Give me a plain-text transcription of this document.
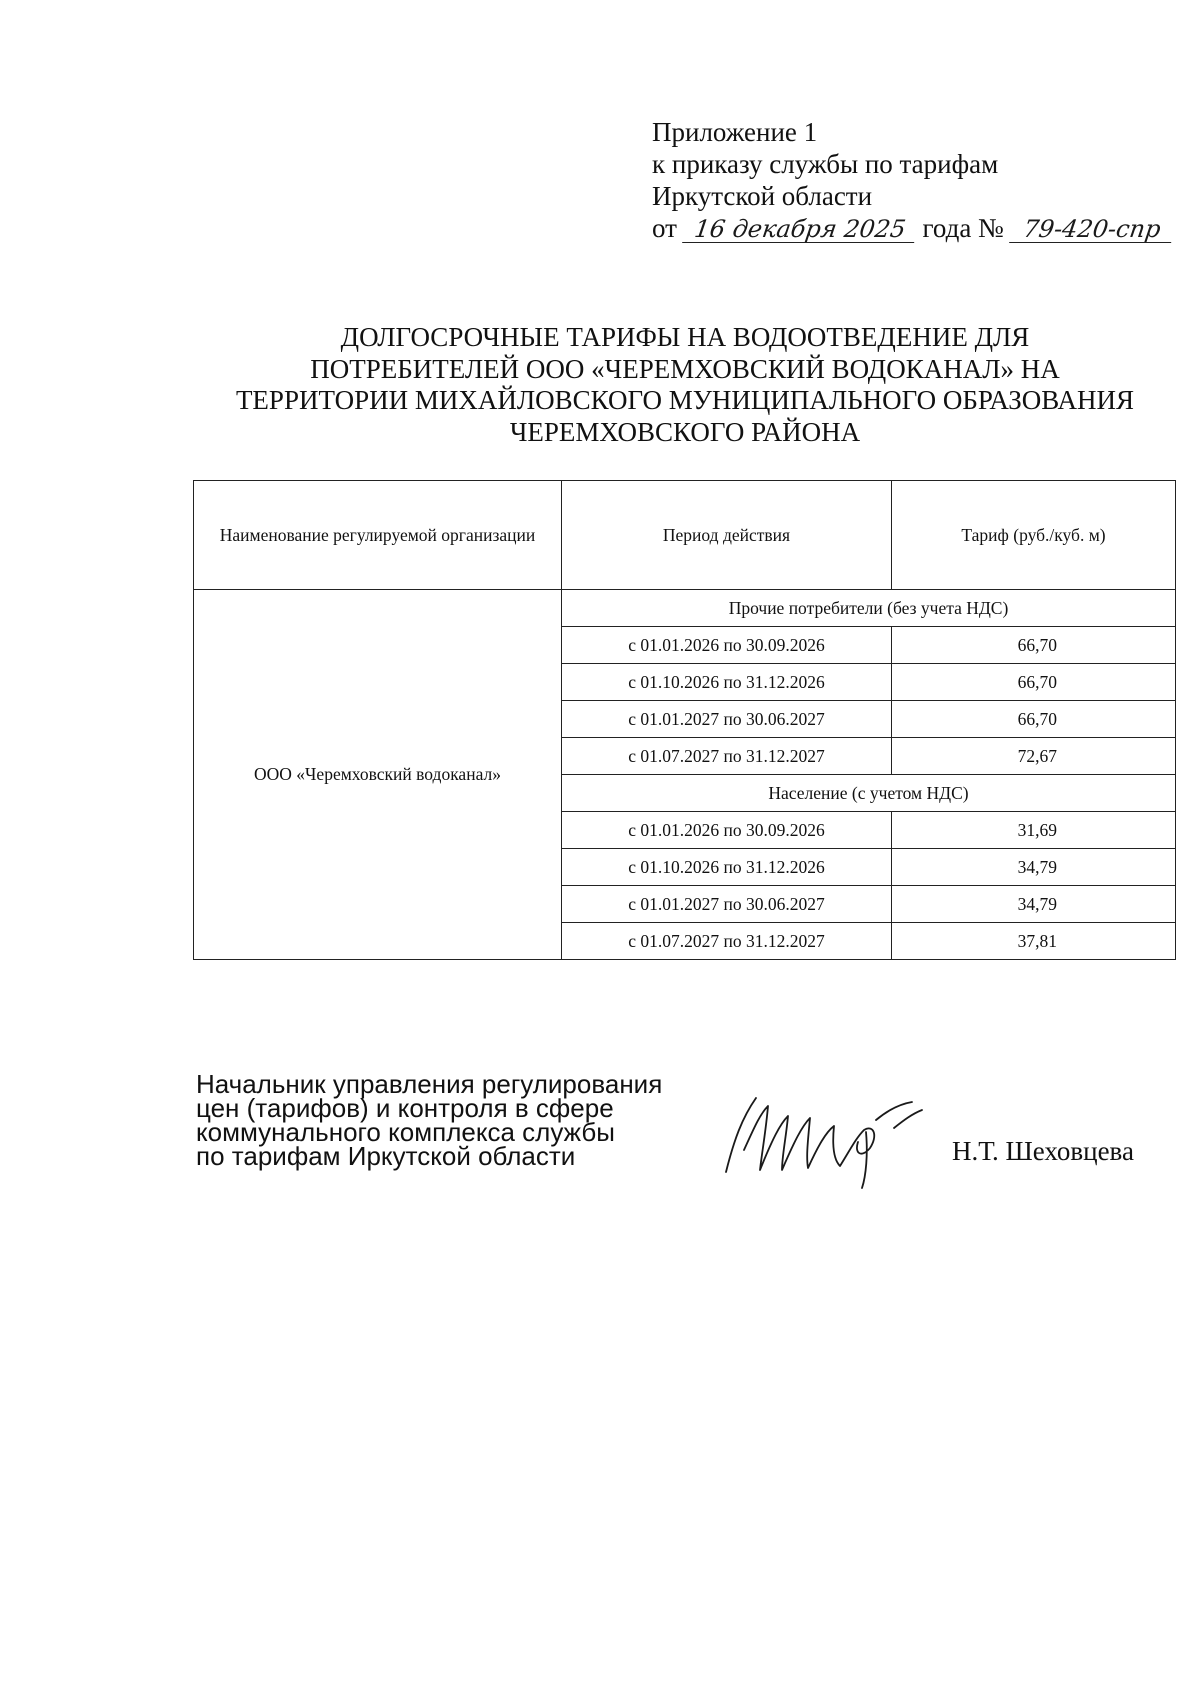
Приложение 1
к приказу службы по тарифам
Иркутской области
от 16 декабря 2025 года № 79-420-спр
ДОЛГОСРОЧНЫЕ ТАРИФЫ НА ВОДООТВЕДЕНИЕ ДЛЯ
ПОТРЕБИТЕЛЕЙ ООО «ЧЕРЕМХОВСКИЙ ВОДОКАНАЛ» НА
ТЕРРИТОРИИ МИХАЙЛОВСКОГО МУНИЦИПАЛЬНОГО ОБРАЗОВАНИЯ
ЧЕРЕМХОВСКОГО РАЙОНА
Наименование регулируемой организации	Период действия	Тариф (руб./куб. м)
ООО «Черемховский водоканал»	Прочие потребители (без учета НДС)	
	с 01.01.2026 по 30.09.2026	66,70
	с 01.10.2026 по 31.12.2026	66,70
	с 01.01.2027 по 30.06.2027	66,70
	с 01.07.2027 по 31.12.2027	72,67
	Население (с учетом НДС)	
	с 01.01.2026 по 30.09.2026	31,69
	с 01.10.2026 по 31.12.2026	34,79
	с 01.01.2027 по 30.06.2027	34,79
	с 01.07.2027 по 31.12.2027	37,81
Начальник управления регулирования
цен (тарифов) и контроля в сфере
коммунального комплекса службы
по тарифам Иркутской области	Н.Т. Шеховцева
